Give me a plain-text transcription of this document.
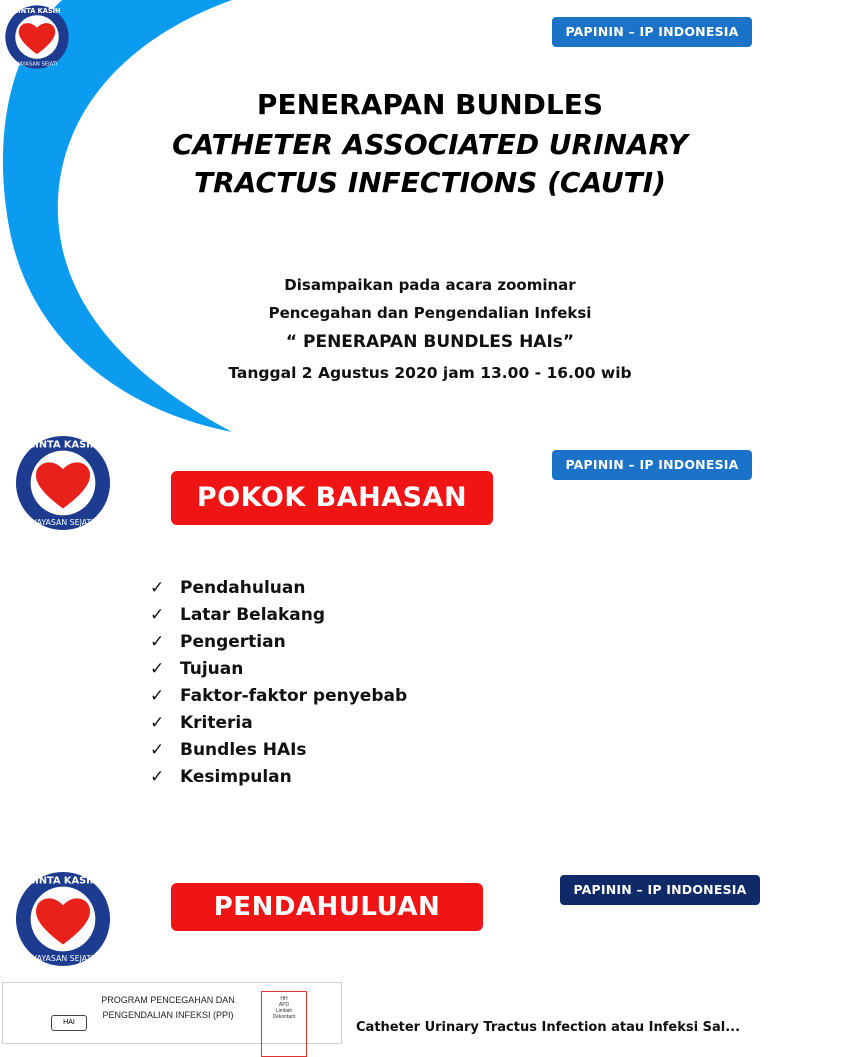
CINTA KASIH
YAYASAN SEJATI
PAPININ – IP INDONESIA
PENERAPAN BUNDLES
CATHETER ASSOCIATED URINARY
TRACTUS INFECTIONS (CAUTI)
Disampaikan pada acara zoominar
Pencegahan dan Pengendalian Infeksi
“ PENERAPAN BUNDLES HAIs”
Tanggal 2 Agustus 2020 jam 13.00 - 16.00 wib
CINTA KASIH
YAYASAN SEJATI
PAPININ – IP INDONESIA
POKOK BAHASAN
✓ Pendahuluan
✓ Latar Belakang
✓ Pengertian
✓ Tujuan
✓ Faktor-faktor penyebab
✓ Kriteria
✓ Bundles HAIs
✓ Kesimpulan
CINTA KASIH
YAYASAN SEJATI
PAPININ – IP INDONESIA
PENDAHULUAN
PROGRAM PENCEGAHAN DAN
PENGENDALIAN INFEKSI (PPI)
HAI
HH
APD
Limbah
Dekontam
Catheter Urinary Tractus Infection atau Infeksi Sal...
